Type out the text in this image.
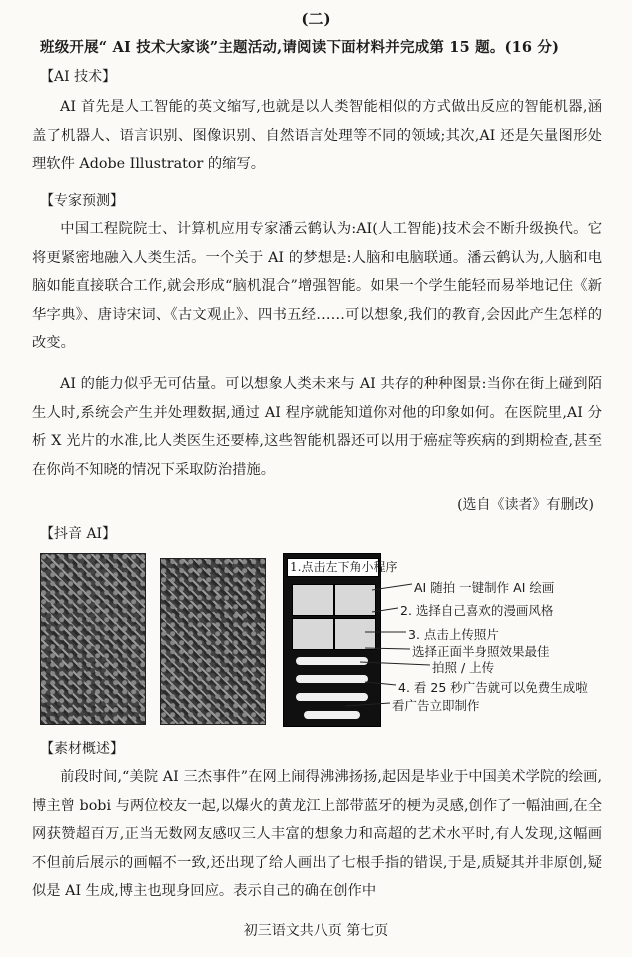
(二)
班级开展“ AI 技术大家谈”主题活动,请阅读下面材料并完成第 15 题。(16 分)
【AI 技术】
AI 首先是人工智能的英文缩写,也就是以人类智能相似的方式做出反应的智能机器,涵盖了机器人、语言识别、图像识别、自然语言处理等不同的领域;其次,AI 还是矢量图形处理软件 Adobe Illustrator 的缩写。
【专家预测】
中国工程院院士、计算机应用专家潘云鹤认为:AI(人工智能)技术会不断升级换代。它将更紧密地融入人类生活。一个关于 AI 的梦想是:人脑和电脑联通。潘云鹤认为,人脑和电脑如能直接联合工作,就会形成“脑机混合”增强智能。如果一个学生能轻而易举地记住《新华字典》、唐诗宋词、《古文观止》、四书五经……可以想象,我们的教育,会因此产生怎样的改变。
AI 的能力似乎无可估量。可以想象人类未来与 AI 共存的种种图景:当你在街上碰到陌生人时,系统会产生并处理数据,通过 AI 程序就能知道你对他的印象如何。在医院里,AI 分析 X 光片的水准,比人类医生还要棒,这些智能机器还可以用于癌症等疾病的到期检查,甚至在你尚不知晓的情况下采取防治措施。
(选自《读者》有删改)
【抖音 AI】
1.点击左下角小程序
AI 随拍 一键制作 AI 绘画
2. 选择自己喜欢的漫画风格
3. 点击上传照片
选择正面半身照效果最佳
拍照 / 上传
4. 看 25 秒广告就可以免费生成啦
看广告立即制作
【素材概述】
前段时间,“美院 AI 三杰事件”在网上闹得沸沸扬扬,起因是毕业于中国美术学院的绘画,博主曾 bobi 与两位校友一起,以爆火的黄龙江上部带蓝牙的梗为灵感,创作了一幅油画,在全网获赞超百万,正当无数网友感叹三人丰富的想象力和高超的艺术水平时,有人发现,这幅画不但前后展示的画幅不一致,还出现了给人画出了七根手指的错误,于是,质疑其并非原创,疑似是 AI 生成,博主也现身回应。表示自己的确在创作中
初三语文共八页 第七页
